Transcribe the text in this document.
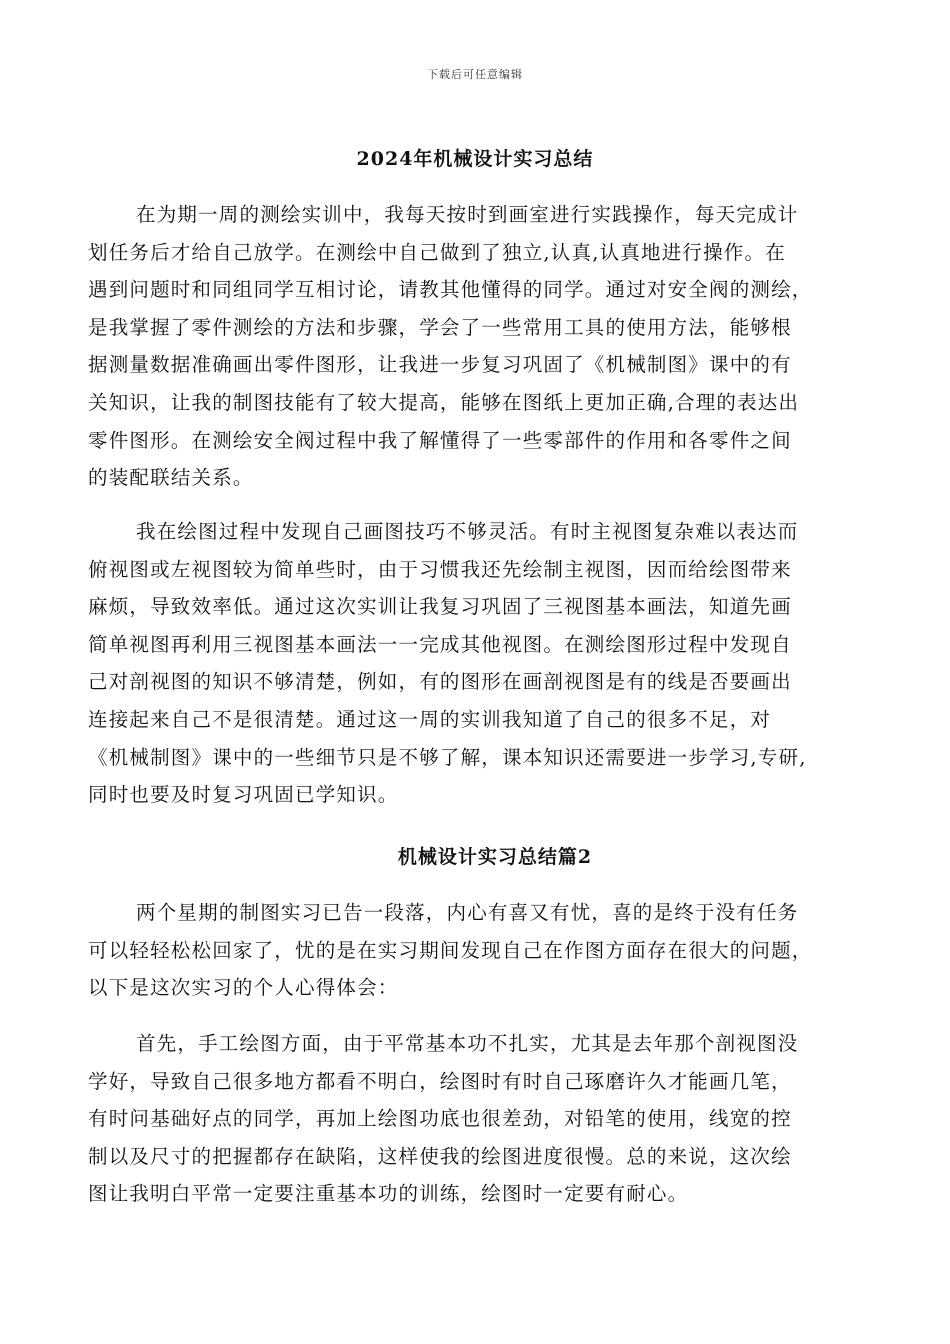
下载后可任意编辑
2024年机械设计实习总结

在为期一周的测绘实训中，我每天按时到画室进行实践操作，每天完成计
划任务后才给自己放学。在测绘中自己做到了独立,认真,认真地进行操作。在
遇到问题时和同组同学互相讨论，请教其他懂得的同学。通过对安全阀的测绘，
是我掌握了零件测绘的方法和步骤，学会了一些常用工具的使用方法，能够根
据测量数据准确画出零件图形，让我进一步复习巩固了《机械制图》课中的有
关知识，让我的制图技能有了较大提高，能够在图纸上更加正确,合理的表达出
零件图形。在测绘安全阀过程中我了解懂得了一些零部件的作用和各零件之间
的装配联结关系。

我在绘图过程中发现自己画图技巧不够灵活。有时主视图复杂难以表达而
俯视图或左视图较为简单些时，由于习惯我还先绘制主视图，因而给绘图带来
麻烦，导致效率低。通过这次实训让我复习巩固了三视图基本画法，知道先画
简单视图再利用三视图基本画法一一完成其他视图。在测绘图形过程中发现自
己对剖视图的知识不够清楚，例如，有的图形在画剖视图是有的线是否要画出
连接起来自己不是很清楚。通过这一周的实训我知道了自己的很多不足，对
《机械制图》课中的一些细节只是不够了解，课本知识还需要进一步学习,专研,
同时也要及时复习巩固已学知识。

机械设计实习总结篇2

两个星期的制图实习已告一段落，内心有喜又有忧，喜的是终于没有任务
可以轻轻松松回家了，忧的是在实习期间发现自己在作图方面存在很大的问题，
以下是这次实习的个人心得体会：

首先，手工绘图方面，由于平常基本功不扎实，尤其是去年那个剖视图没
学好，导致自己很多地方都看不明白，绘图时有时自己琢磨许久才能画几笔，
有时问基础好点的同学，再加上绘图功底也很差劲，对铅笔的使用，线宽的控
制以及尺寸的把握都存在缺陷，这样使我的绘图进度很慢。总的来说，这次绘
图让我明白平常一定要注重基本功的训练，绘图时一定要有耐心。
